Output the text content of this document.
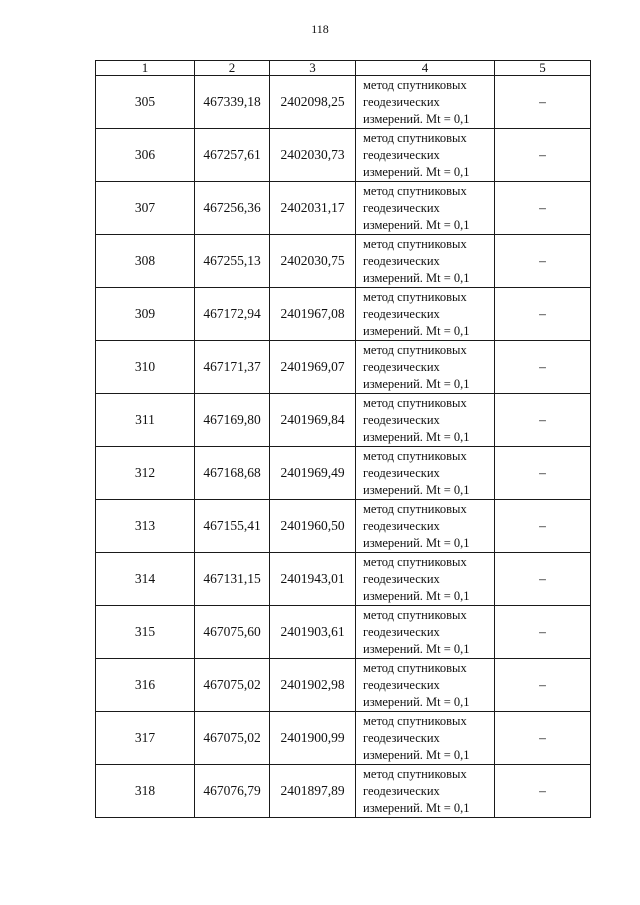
118
1	2	3	4	5
305	467339,18	2402098,25	метод спутниковых
геодезических
измерений. Mt = 0,1	–
306	467257,61	2402030,73	метод спутниковых
геодезических
измерений. Mt = 0,1	–
307	467256,36	2402031,17	метод спутниковых
геодезических
измерений. Mt = 0,1	–
308	467255,13	2402030,75	метод спутниковых
геодезических
измерений. Mt = 0,1	–
309	467172,94	2401967,08	метод спутниковых
геодезических
измерений. Mt = 0,1	–
310	467171,37	2401969,07	метод спутниковых
геодезических
измерений. Mt = 0,1	–
311	467169,80	2401969,84	метод спутниковых
геодезических
измерений. Mt = 0,1	–
312	467168,68	2401969,49	метод спутниковых
геодезических
измерений. Mt = 0,1	–
313	467155,41	2401960,50	метод спутниковых
геодезических
измерений. Mt = 0,1	–
314	467131,15	2401943,01	метод спутниковых
геодезических
измерений. Mt = 0,1	–
315	467075,60	2401903,61	метод спутниковых
геодезических
измерений. Mt = 0,1	–
316	467075,02	2401902,98	метод спутниковых
геодезических
измерений. Mt = 0,1	–
317	467075,02	2401900,99	метод спутниковых
геодезических
измерений. Mt = 0,1	–
318	467076,79	2401897,89	метод спутниковых
геодезических
измерений. Mt = 0,1	–
